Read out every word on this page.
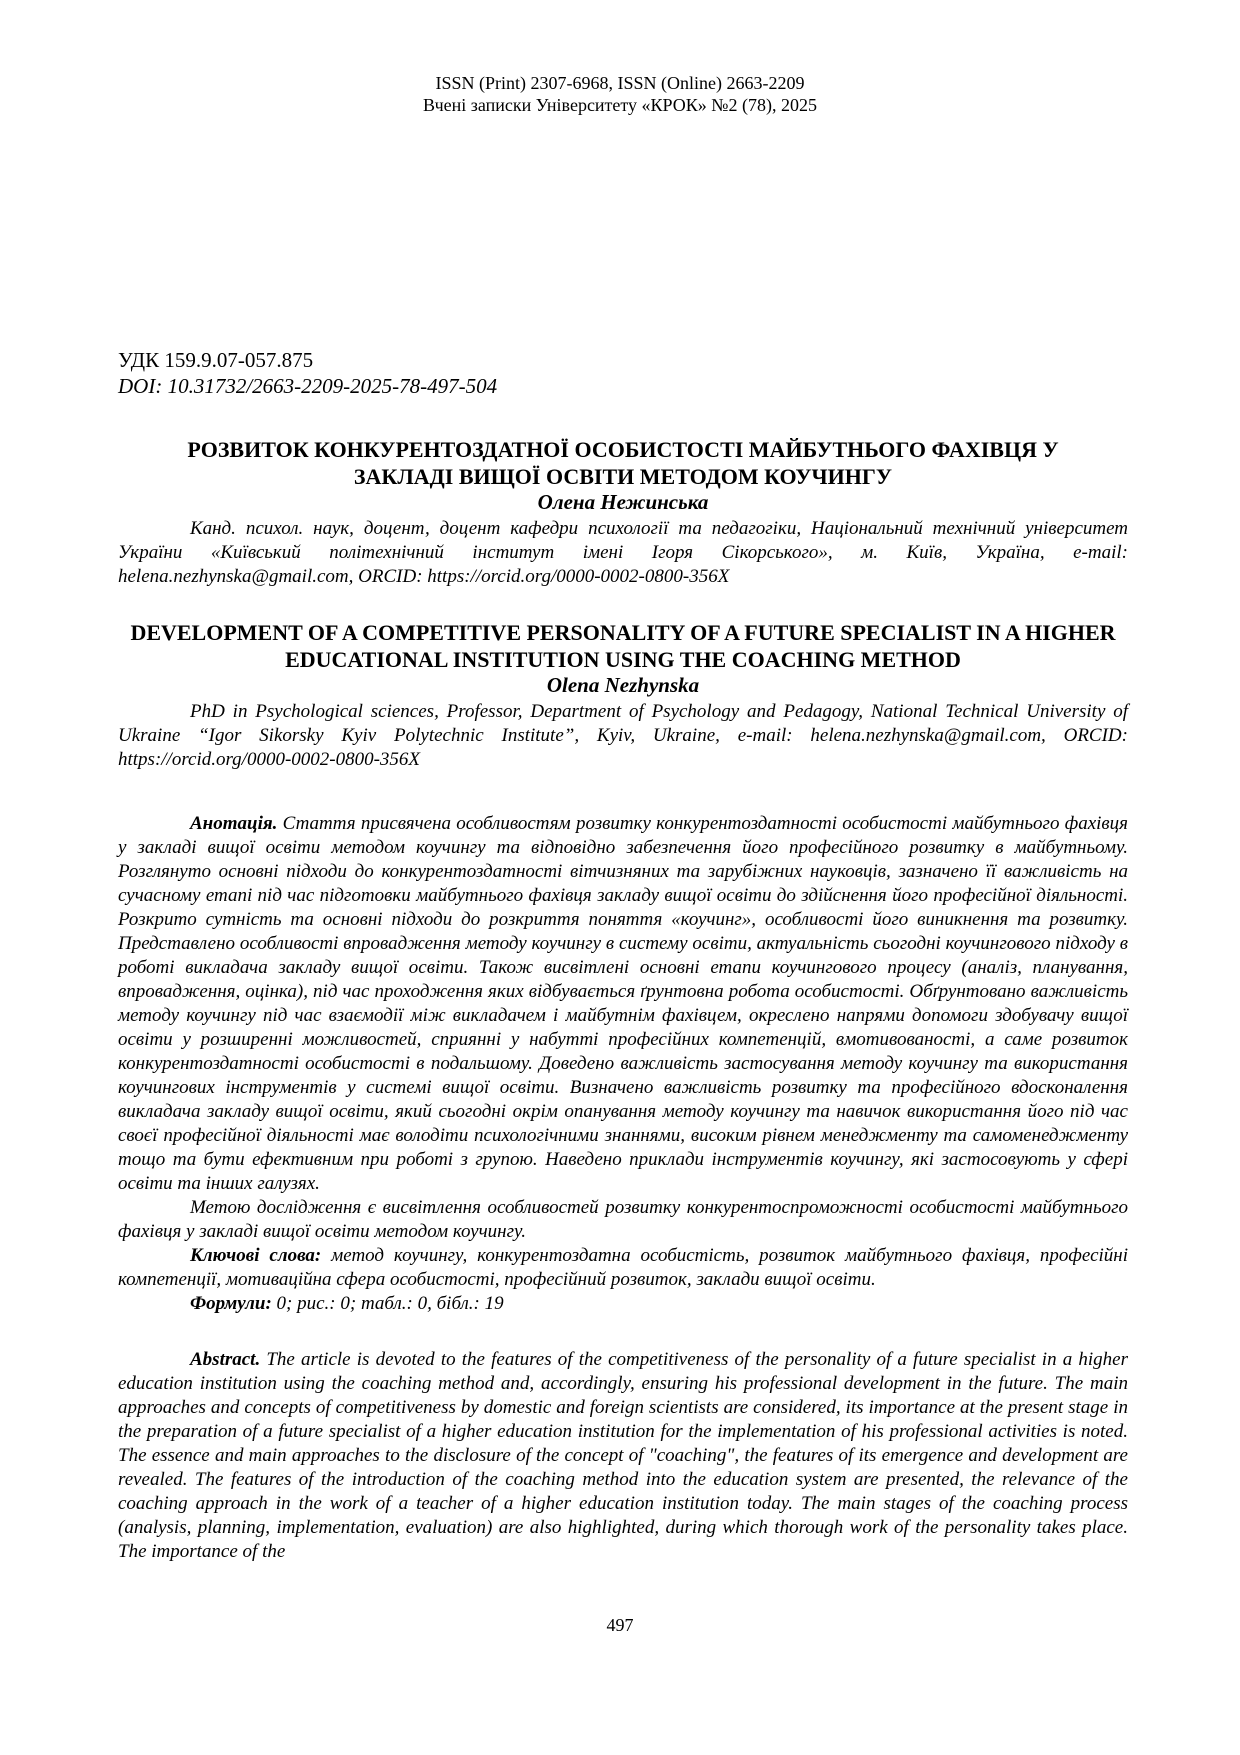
ISSN (Print) 2307-6968, ISSN (Online) 2663-2209
Вчені записки Університету «КРОК» №2 (78), 2025
УДК 159.9.07-057.875
DOI: 10.31732/2663-2209-2025-78-497-504
РОЗВИТОК КОНКУРЕНТОЗДАТНОЇ ОСОБИСТОСТІ МАЙБУТНЬОГО ФАХІВЦЯ У ЗАКЛАДІ ВИЩОЇ ОСВІТИ МЕТОДОМ КОУЧИНГУ

Олена Нежинська

Канд. психол. наук, доцент, доцент кафедри психології та педагогіки, Національний технічний університет України «Київський політехнічний інститут імені Ігоря Сікорського», м. Київ, Україна, e-mail: helena.nezhynska@gmail.com, ORCID: https://orcid.org/0000-0002-0800-356X

DEVELOPMENT OF A COMPETITIVE PERSONALITY OF A FUTURE SPECIALIST IN A HIGHER EDUCATIONAL INSTITUTION USING THE COACHING METHOD

Olena Nezhynska

PhD in Psychological sciences, Professor, Department of Psychology and Pedagogy, National Technical University of Ukraine “Igor Sikorsky Kyiv Polytechnic Institute”, Kyiv, Ukraine, e-mail: helena.nezhynska@gmail.com, ORCID: https://orcid.org/0000-0002-0800-356X

Анотація. Стаття присвячена особливостям розвитку конкурентоздатності особистості майбутнього фахівця у закладі вищої освіти методом коучингу та відповідно забезпечення його професійного розвитку в майбутньому. Розглянуто основні підходи до конкурентоздатності вітчизняних та зарубіжних науковців, зазначено її важливість на сучасному етапі під час підготовки майбутнього фахівця закладу вищої освіти до здійснення його професійної діяльності. Розкрито сутність та основні підходи до розкриття поняття «коучинг», особливості його виникнення та розвитку. Представлено особливості впровадження методу коучингу в систему освіти, актуальність сьогодні коучингового підходу в роботі викладача закладу вищої освіти. Також висвітлені основні етапи коучингового процесу (аналіз, планування, впровадження, оцінка), під час проходження яких відбувається ґрунтовна робота особистості. Обґрунтовано важливість методу коучингу під час взаємодії між викладачем і майбутнім фахівцем, окреслено напрями допомоги здобувачу вищої освіти у розширенні можливостей, сприянні у набутті професійних компетенцій, вмотивованості, а саме розвиток конкурентоздатності особистості в подальшому. Доведено важливість застосування методу коучингу та використання коучингових інструментів у системі вищої освіти. Визначено важливість розвитку та професійного вдосконалення викладача закладу вищої освіти, який сьогодні окрім опанування методу коучингу та навичок використання його під час своєї професійної діяльності має володіти психологічними знаннями, високим рівнем менеджменту та самоменеджменту тощо та бути ефективним при роботі з групою. Наведено приклади інструментів коучингу, які застосовують у сфері освіти та інших галузях.

Метою дослідження є висвітлення особливостей розвитку конкурентоспроможності особистості майбутнього фахівця у закладі вищої освіти методом коучингу.

Ключові слова: метод коучингу, конкурентоздатна особистість, розвиток майбутнього фахівця, професійні компетенції, мотиваційна сфера особистості, професійний розвиток, заклади вищої освіти.

Формули: 0; рис.: 0; табл.: 0, бібл.: 19

Abstract. The article is devoted to the features of the competitiveness of the personality of a future specialist in a higher education institution using the coaching method and, accordingly, ensuring his professional development in the future. The main approaches and concepts of competitiveness by domestic and foreign scientists are considered, its importance at the present stage in the preparation of a future specialist of a higher education institution for the implementation of his professional activities is noted. The essence and main approaches to the disclosure of the concept of "coaching", the features of its emergence and development are revealed. The features of the introduction of the coaching method into the education system are presented, the relevance of the coaching approach in the work of a teacher of a higher education institution today. The main stages of the coaching process (analysis, planning, implementation, evaluation) are also highlighted, during which thorough work of the personality takes place. The importance of the

497
